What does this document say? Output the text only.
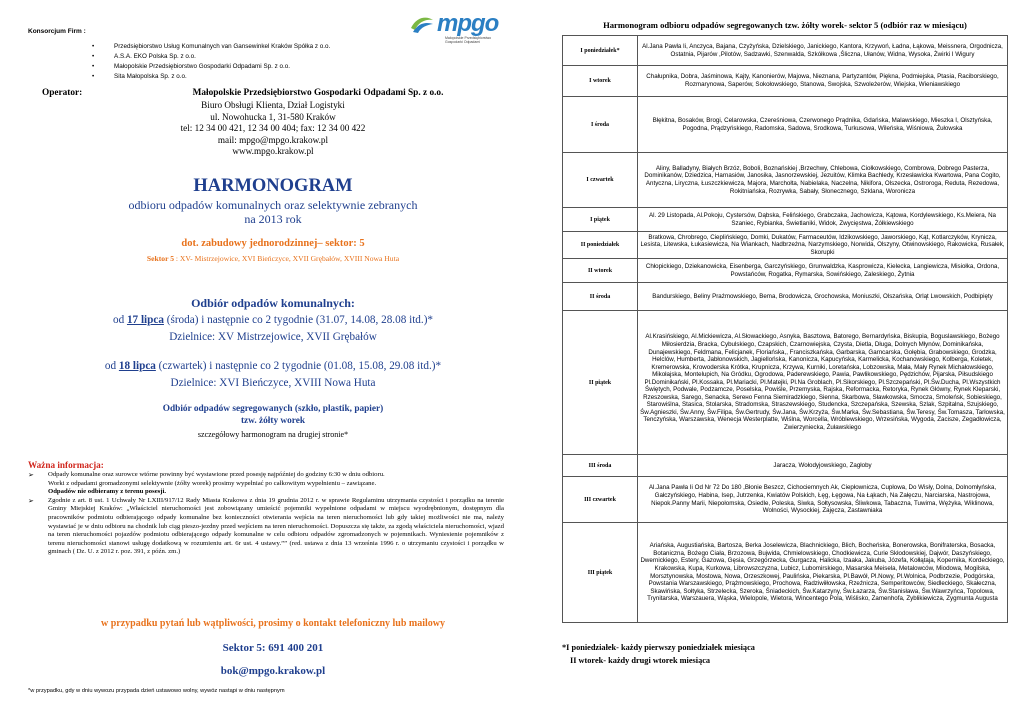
Konsorcjum Firm :
• Przedsiębiorstwo Usług Komunalnych van Gansewinkel Kraków Spółka z o.o.
• A.S.A. EKO Polska Sp. z o.o.
• Małopolskie Przedsiębiorstwo Gospodarki Odpadami Sp. z o.o.
• Sita Małopolska Sp. z o.o.
mpgo
Małopolskie Przedsiębiorstwo Gospodarki Odpadami
Operator:	Małopolskie Przedsiębiorstwo Gospodarki Odpadami Sp. z o.o.
Biuro Obsługi Klienta, Dział Logistyki
ul. Nowohucka 1, 31-580 Kraków
tel: 12 34 00 421, 12 34 00 404; fax: 12 34 00 422
mail: mpgo@mpgo.krakow.pl
www.mpgo.krakow.pl
HARMONOGRAM
odbioru odpadów komunalnych oraz selektywnie zebranych
na 2013 rok
dot. zabudowy jednorodzinnej– sektor: 5
Sektor 5 : XV- Mistrzejowice, XVI Bieńczyce, XVII Grębałów, XVIII Nowa Huta
Odbiór odpadów komunalnych:
od 17 lipca (środa) i następnie co 2 tygodnie (31.07, 14.08, 28.08 itd.)*
Dzielnice: XV Mistrzejowice, XVII Grębałów
od 18 lipca (czwartek) i następnie co 2 tygodnie (01.08, 15.08, 29.08 itd.)*
Dzielnice: XVI Bieńczyce, XVIII Nowa Huta
Odbiór odpadów segregowanych (szkło, plastik, papier)
tzw. żółty worek
szczegółowy harmonogram na drugiej stronie*
Ważna informacja:
➢ Odpady komunalne oraz surowce wtórne powinny być wystawione przed posesję najpóźniej do godziny 6:30 w dniu odbioru.
Worki z odpadami gromadzonymi selektywnie (żółty worek) prosimy wypełniać po całkowitym wypełnieniu – zawiązane.
Odpadów nie odbieramy z terenu posesji.
➢ Zgodnie z art. 8 ust. 1 Uchwały Nr LXIII/917/12 Rady Miasta Krakowa z dnia 19 grudnia 2012 r. w sprawie Regulaminu utrzymania czystości i porządku na terenie Gminy Miejskiej Kraków: „Właściciel nieruchomości jest zobowiązany umieścić pojemniki wypełnione odpadami w miejscu wyodrębnionym, dostępnym dla pracowników podmiotu odbierającego odpady komunalne bez konieczności otwierania wejścia na teren nieruchomości lub gdy takiej możliwości nie ma, należy wystawiać je w dniu odbioru na chodnik lub ciąg pieszo-jezdny przed wejściem na teren nieruchomości. Dopuszcza się także, za zgodą właściciela nieruchomości, wjazd na teren nieruchomości pojazdów podmiotu odbierającego odpady komunalne w celu odbioru odpadów zgromadzonych w pojemnikach. Wyniesienie pojemników z terenu nieruchomości stanowi usługę dodatkową w rozumieniu art. 6r ust. 4 ustawy.”” (red. ustawa z dnia 13 września 1996 r. o utrzymaniu czystości i porządku w gminach ( Dz. U. z 2012 r. poz. 391, z późn. zm.)
w przypadku pytań lub wątpliwości, prosimy o kontakt telefoniczny lub mailowy
Sektor 5: 691 400 201
bok@mpgo.krakow.pl
*w przypadku, gdy w dniu wywozu przypada dzień ustawowo wolny, wywóz nastąpi w dniu następnym
Harmonogram odbioru odpadów segregowanych tzw. żółty worek- sektor 5 (odbiór raz w miesiącu)
I poniedziałek*	Al.Jana Pawła Ii, Anczyca, Bajana, Czyżyńska, Dzielskiego, Janickiego, Kantora, Krzywoń, Ładna, Łąkowa, Meissnera, Orgodnicza, Ostatnia, Pijarów ,Pilotów, Sadzawki, Szenwalda, Szkółkowa ,Śliczna, Ułanów, Widna, Wysoka, Żwirki I Wigury
I wtorek	Chałupnika, Dobra, Jaśminowa, Kajty, Kanonierów, Majowa, Nieznana, Partyzantów, Piękna, Podmiejska, Ptasia, Raciborskiego, Rozmarynowa, Saperów, Sokołowskiego, Stanowa, Swojska, Szwoleżerów, Wiejska, Wieniawskiego
I środa	Błękitna, Bosaków, Brogi, Celarowska, Czereśniowa, Czerwonego Prądnika, Gdańska, Malawskiego, Mieszka I, Olsztyńska, Pogodna, Prądzyńskiego, Radomska, Sadowa, Srodkowa, Turkusowa, Wileńska, Wiśniowa, Żułowska
I czwartek	Aliny, Balladyny, Białych Brzóz, Boboli, Boznańskiej ,Brzechwy, Chlebowa, Ciołkowskiego, Combrowa, Dobrego Pasterza, Dominikanów, Dziedzica, Harnasiów, Janosika, Jasnorzewskiej, Jezuitów, Klimka Bachledy, Krzesławicka Kwartowa, Pana Cogito, Antyczna, Liryczna, Łuszczkiewicza, Majora, Marchołta, Nabielaka, Naczelna, Nikifora, Olszecka, Ostroroga, Reduta, Rezedowa, Rokitniańska, Rozrywka, Sabały, Słonecznego, Szklana, Woronicza
I piątek	Al. 29 Listopada, Al.Pokoju, Cystersów, Dąbska, Felińskiego, Grabczaka, Jachowicza, Kątowa, Kordylewskiego, Ks.Meiera, Na Szaniec, Rybianka, Świetlaniki, Widok, Zwycięstwa, Żółkiewskiego
II poniedziałek	Bratkowa, Chrobrego, Cieplińskiego, Domki, Dukatów, Farmaceutów, Idzikowskiego, Jaworskiego, Kąt, Kotlarczyków, Krynicza, Lesista, Litewska, Łukasiewicza, Na Wiankach, Nadbrzeżna, Narzymskiego, Norwida, Olszyny, Otwinowskiego, Rakowicka, Rusałek, Skorupki
II wtorek	Chłopickiego, Dziekanowicka, Eisenberga, Garczyńskiego, Grunwaldzka, Kasprowicza, Kielecka, Langiewicza, Misiołka, Ordona, Powstańców, Rogatka, Rymarska, Sowińskiego, Zaleskiego, Żytnia
II środa	Bandurskiego, Beliny Prażmowskiego, Bema, Brodowicza, Grochowska, Moniuszki, Olszańska, Orląt Lwowskich, Podbipięty
II piątek	Al.Krasińskiego, Al.Mickiewicza, Al.Słowackiego, Asnyka, Basztowa, Batorego, Bernardyńska, Biskupia, Boguslawskiego, Bożego Miłosierdzia, Bracka, Cybulskiego, Czapskich, Czarnowiejska, Czysta, Dietla, Długa, Dolnych Młynów, Dominikańska, Dunajewskiego, Feldmana, Felicjanek, Floriańska,, Franciszkańska, Garbarska, Garncarska, Gołębia, Grabowskiego, Grodzka, Helclów, Humberta, Jabłonowskich, Jagiellońska, Kanonicza, Kapucyńska, Karmelicka, Kochanowskiego, Kolberga, Koletek, Kremerowska, Krowoderska Krótka, Krupnicza, Krzywa, Kurniki, Loretańska, Lobzowska, Mała, Mały Rynek Michałowskiego, Mikołajska, Montelupich, Na Gródku, Ogrodowa, Paderewskiego, Pawia, Pawlikowskiego, Pędzichów, Pijarska, Piłsudskiego Pl.Dominikański, Pl.Kossaka, Pl.Mariacki, Pl.Matejki, Pl.Na Groblach, Pl.Sikorskiego, Pl.Szczepański, Pl.Św.Ducha, Pl.Wszystkich Świętych, Podwale, Podzamcze, Poselska, Powiśle, Przemyska, Rajska, Reformacka, Retoryka, Rynek Główny, Rynek Kleparski, Rzeszowska, Sarego, Senacka, Serено Fenna Siemiradzkiego, Sienna, Skarbowa, Sławkowska, Smocza, Smoleńsk, Sobieskiego, Starowiślna, Stasica, Stolarska, Stradomska, Straszewskiego, Studencka, Szczepańska, Szewska, Szlak, Szpitalna, Szujskiego, Św.Agnieszki, Św.Anny, Św.Filipa, Św.Gertrudy, Św.Jana, Św.Krzyża, Św.Marka, Św.Sebastiana, Św.Teresy, Św.Tomasza, Tarłowska, Tenczyńska, Warszawska, Wenecja Westerplatte, Wiślna, Worcella, Wróblewskiego, Wrzesińska, Wygoda, Zacisze, Zegadłowicza, Zwierzyniecka, Żuławskiego
III środa	Jaracza, Wołodyjowskiego, Zagłoby
III czwartek	Al.Jana Pawła Ii Od Nr 72 Do 180 ,Błonie Beszcz, Cichociemnych Ak, Ciepłownicza, Cupłowa, Do Wisły, Dolna, Dolnomłyńska, Gałczyńskiego, Habina, Isep, Jutrzenka, Kwiatów Polskich, Łęg, Łęgowa, Na Łąkach, Na Załęczu, Narciarska, Nastrojowa, Niepok.Panny Marii, Niepołomska, Osiedle, Poleska, Siwka, Sołtysowska, Śliwkowa, Tabaczna, Tuwima, Wężyka, Wiklinowa, Wolności, Wysockiej, Zajęcza, Zastawniaka
III piątek	Ariańska, Augustiańska, Bartosza, Berka Joselewicza, Blachnickiego, Blich, Bocheńska, Bonerowska, Bonifraterska, Bosacka, Botaniczna, Bożego Ciała, Brzozowa, Bujwida, Chmielowskiego, Chodkiewicza, Curie Skłodowskiej, Dajwór, Daszyńskiego, Dwernickiego, Estery, Gazowa, Gęsia, Grzegórzecka, Gurgacza, Halicka, Izaaka, Jakuba, Józefa, Kołłątaja, Kopernika, Kordeckiego, Krakowska, Kupa, Kurkowa, Librowszczyzna, Lubicz, Lubomirskiego, Masarska Meisela, Metalowców, Miodowa, Mogilska, Morsztynowska, Mostowa, Nowa, Orzeszkowej, Paulińska, Piekarska, Pl.Bawół, Pl.Nowy, Pl.Wolnica, Podbrzezie, Podgórska, Powstania Warszawskiego, Prążmowskiego, Prochowa, Radziwiłłowska, Rzeźnicza, Semperitowców, Siedleckiego, Skałeczna, Skawińska, Sołtyka, Strzelecka, Szeroka, Śniadeckich, Św.Katarzyny, Św.Łazarza, Św.Stanisława, Św.Wawrzyńca, Topolowa, Trynitarska, Warszauera, Wąska, Wielopole, Wietora, Wincentego Pola, Wiślisko, Zamenhofa, Zyblikiewicza, Zygmunta Augusta
*I poniedziałek- każdy pierwszy poniedziałek miesiąca
II wtorek- każdy drugi wtorek miesiąca
